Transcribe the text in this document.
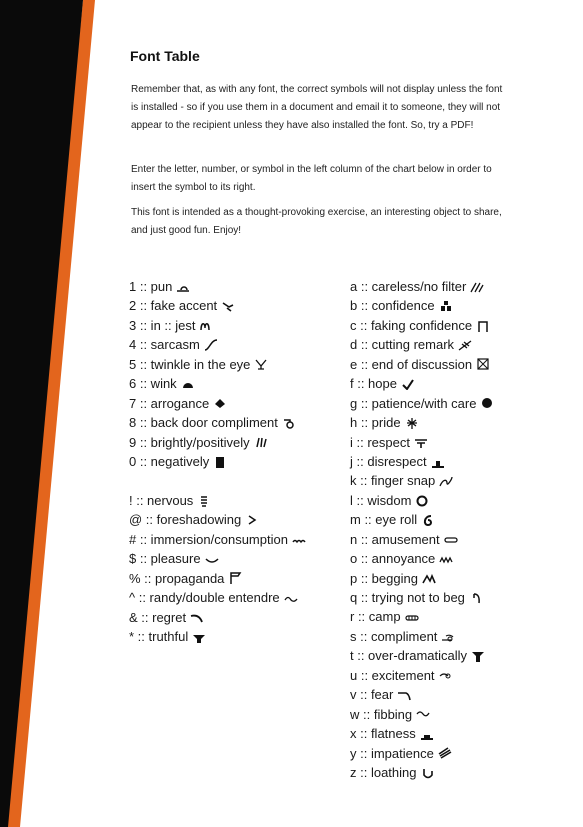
Font Table

Remember that, as with any font, the correct symbols will not display unless the font is installed - so if you use them in a document and email it to someone, they will not appear to the recipient unless they have also installed the font. So, try a PDF!

Enter the letter, number, or symbol in the left column of the chart below in order to insert the symbol to its right.

This font is intended as a thought-provoking exercise, an interesting object to share, and just good fun. Enjoy!

1 :: pun
2 :: fake accent
3 :: in :: jest
4 :: sarcasm
5 :: twinkle in the eye
6 :: wink
7 :: arrogance
8 :: back door compliment
9 :: brightly/positively
0 :: negatively
! :: nervous
@ :: foreshadowing
# :: immersion/consumption
$ :: pleasure
% :: propaganda
^ :: randy/double entendre
& :: regret
* :: truthful
a :: careless/no filter
b :: confidence
c :: faking confidence
d :: cutting remark
e :: end of discussion
f :: hope
g :: patience/with care
h :: pride
i :: respect
j :: disrespect
k :: finger snap
l :: wisdom
m :: eye roll
n :: amusement
o :: annoyance
p :: begging
q :: trying not to beg
r :: camp
s :: compliment
t :: over-dramatically
u :: excitement
v :: fear
w :: fibbing
x :: flatness
y :: impatience
z :: loathing
